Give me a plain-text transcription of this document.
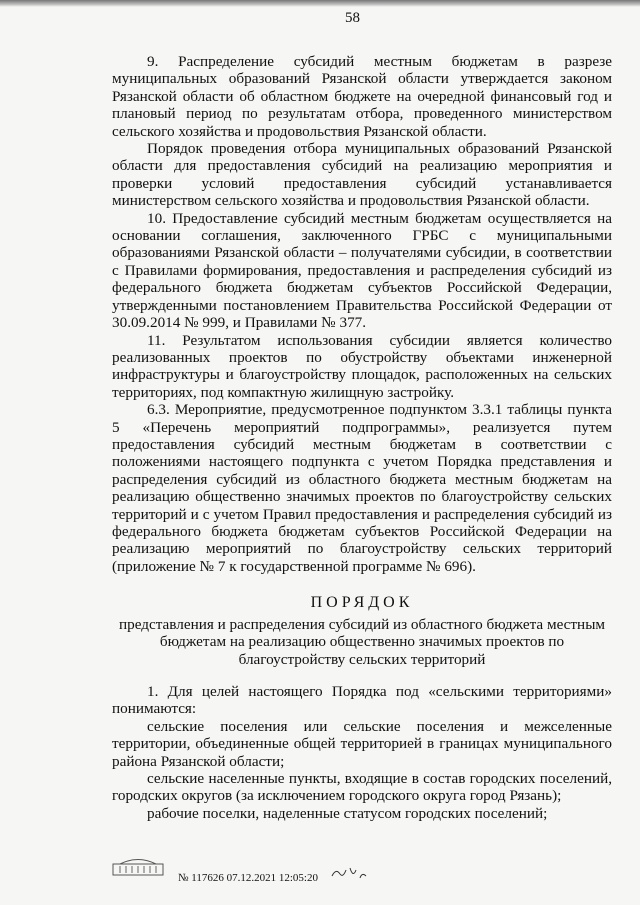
58

9. Распределение субсидий местным бюджетам в разрезе муниципальных образований Рязанской области утверждается законом Рязанской области об областном бюджете на очередной финансовый год и плановый период по результатам отбора, проведенного министерством сельского хозяйства и продовольствия Рязанской области.

Порядок проведения отбора муниципальных образований Рязанской области для предоставления субсидий на реализацию мероприятия и проверки условий предоставления субсидий устанавливается министерством сельского хозяйства и продовольствия Рязанской области.

10. Предоставление субсидий местным бюджетам осуществляется на основании соглашения, заключенного ГРБС с муниципальными образованиями Рязанской области – получателями субсидии, в соответствии с Правилами формирования, предоставления и распределения субсидий из федерального бюджета бюджетам субъектов Российской Федерации, утвержденными постановлением Правительства Российской Федерации от 30.09.2014 № 999, и Правилами № 377.

11. Результатом использования субсидии является количество реализованных проектов по обустройству объектами инженерной инфраструктуры и благоустройству площадок, расположенных на сельских территориях, под компактную жилищную застройку.

6.3. Мероприятие, предусмотренное подпунктом 3.3.1 таблицы пункта 5 «Перечень мероприятий подпрограммы», реализуется путем предоставления субсидий местным бюджетам в соответствии с положениями настоящего подпункта с учетом Порядка представления и распределения субсидий из областного бюджета местным бюджетам на реализацию общественно значимых проектов по благоустройству сельских территорий и с учетом Правил предоставления и распределения субсидий из федерального бюджета бюджетам субъектов Российской Федерации на реализацию мероприятий по благоустройству сельских территорий (приложение № 7 к государственной программе № 696).

ПОРЯДОК
представления и распределения субсидий из областного бюджета местным бюджетам на реализацию общественно значимых проектов по благоустройству сельских территорий

1. Для целей настоящего Порядка под «сельскими территориями» понимаются:

сельские поселения или сельские поселения и межселенные территории, объединенные общей территорией в границах муниципального района Рязанской области;

сельские населенные пункты, входящие в состав городских поселений, городских округов (за исключением городского округа город Рязань);

рабочие поселки, наделенные статусом городских поселений;

№ 117626 07.12.2021 12:05:20
